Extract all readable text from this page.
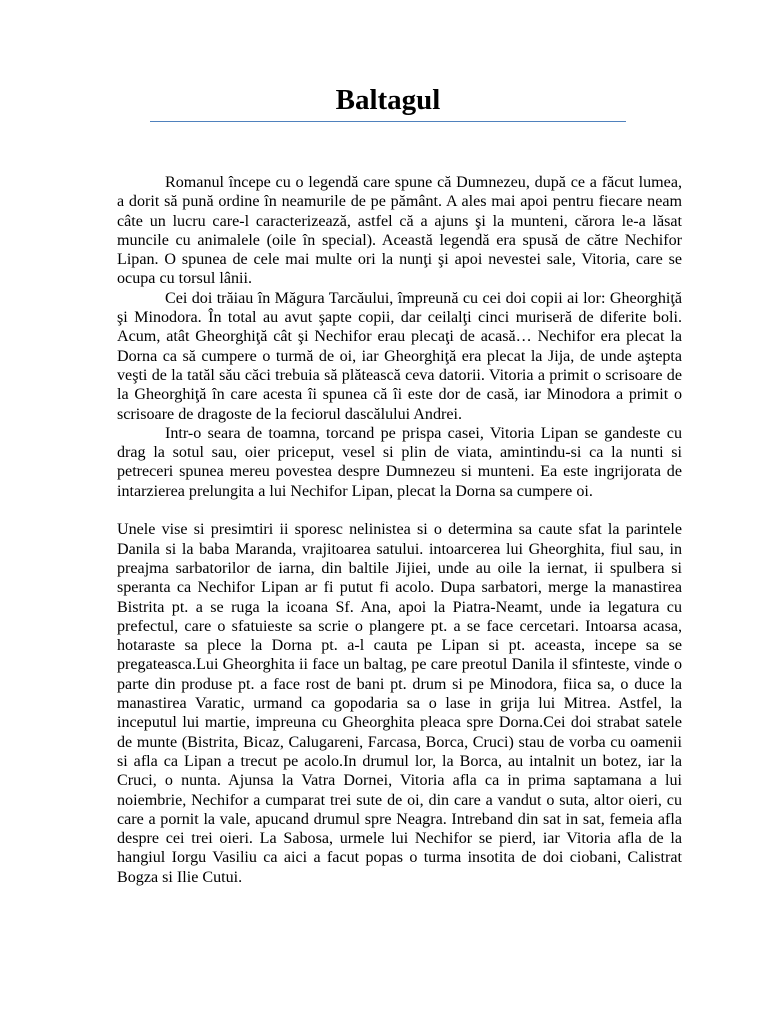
Baltagul

Romanul începe cu o legendă care spune că Dumnezeu, după ce a făcut lumea, a dorit să pună ordine în neamurile de pe pământ. A ales mai apoi pentru fiecare neam câte un lucru care-l caracterizează, astfel că a ajuns şi la munteni, cărora le-a lăsat muncile cu animalele (oile în special). Această legendă era spusă de către Nechifor Lipan. O spunea de cele mai multe ori la nunţi şi apoi nevestei sale, Vitoria, care se ocupa cu torsul lânii.

Cei doi trăiau în Măgura Tarcăului, împreună cu cei doi copii ai lor: Gheorghiţă şi Minodora. În total au avut şapte copii, dar ceilalţi cinci muriseră de diferite boli. Acum, atât Gheorghiţă cât şi Nechifor erau plecaţi de acasă… Nechifor era plecat la Dorna ca să cumpere o turmă de oi, iar Gheorghiţă era plecat la Jija, de unde aştepta veşti de la tatăl său căci trebuia să plătească ceva datorii. Vitoria a primit o scrisoare de la Gheorghiţă în care acesta îi spunea că îi este dor de casă, iar Minodora a primit o scrisoare de dragoste de la feciorul dascălului Andrei.

Intr-o seara de toamna, torcand pe prispa casei, Vitoria Lipan se gandeste cu drag la sotul sau, oier priceput, vesel si plin de viata, amintindu-si ca la nunti si petreceri spunea mereu povestea despre Dumnezeu si munteni. Ea este ingrijorata de intarzierea prelungita a lui Nechifor Lipan, plecat la Dorna sa cumpere oi.

Unele vise si presimtiri ii sporesc nelinistea si o determina sa caute sfat la parintele Danila si la baba Maranda, vrajitoarea satului. intoarcerea lui Gheorghita, fiul sau, in preajma sarbatorilor de iarna, din baltile Jijiei, unde au oile la iernat, ii spulbera si speranta ca Nechifor Lipan ar fi putut fi acolo. Dupa sarbatori, merge la manastirea Bistrita pt. a se ruga la icoana Sf. Ana, apoi la Piatra-Neamt, unde ia legatura cu prefectul, care o sfatuieste sa scrie o plangere pt. a se face cercetari. Intoarsa acasa, hotaraste sa plece la Dorna pt. a-l cauta pe Lipan si pt. aceasta, incepe sa se pregateasca.Lui Gheorghita ii face un baltag, pe care preotul Danila il sfinteste, vinde o parte din produse pt. a face rost de bani pt. drum si pe Minodora, fiica sa, o duce la manastirea Varatic, urmand ca gopodaria sa o lase in grija lui Mitrea. Astfel, la inceputul lui martie, impreuna cu Gheorghita pleaca spre Dorna.Cei doi strabat satele de munte (Bistrita, Bicaz, Calugareni, Farcasa, Borca, Cruci) stau de vorba cu oamenii si afla ca Lipan a trecut pe acolo.In drumul lor, la Borca, au intalnit un botez, iar la Cruci, o nunta. Ajunsa la Vatra Dornei, Vitoria afla ca in prima saptamana a lui noiembrie, Nechifor a cumparat trei sute de oi, din care a vandut o suta, altor oieri, cu care a pornit la vale, apucand drumul spre Neagra. Intreband din sat in sat, femeia afla despre cei trei oieri. La Sabosa, urmele lui Nechifor se pierd, iar Vitoria afla de la hangiul Iorgu Vasiliu ca aici a facut popas o turma insotita de doi ciobani, Calistrat Bogza si Ilie Cutui.
